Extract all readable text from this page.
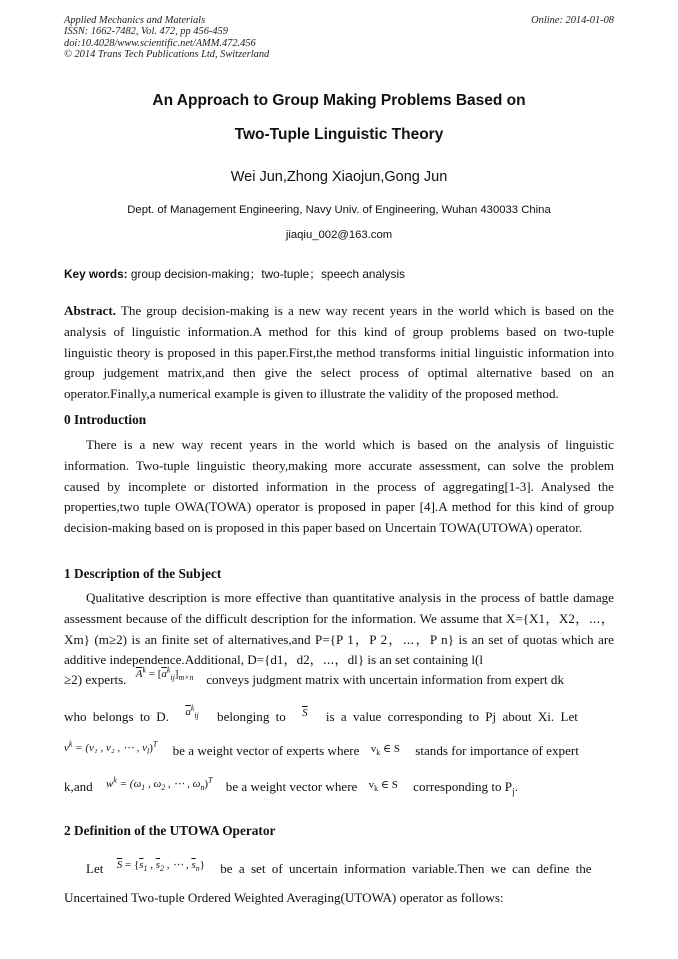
Applied Mechanics and Materials
ISSN: 1662-7482, Vol. 472, pp 456-459
doi:10.4028/www.scientific.net/AMM.472.456
© 2014 Trans Tech Publications Ltd, Switzerland
Online: 2014-01-08
An Approach to Group Making Problems Based on
Two-Tuple Linguistic Theory
Wei Jun,Zhong Xiaojun,Gong Jun
Dept. of Management Engineering, Navy Univ. of Engineering, Wuhan 430033 China
jiaqiu_002@163.com
Key words: group decision-making；two-tuple；speech analysis

Abstract. The group decision-making is a new way recent years in the world which is based on the analysis of linguistic information.A method for this kind of group problems based on two-tuple linguistic theory is proposed in this paper.First,the method transforms initial linguistic information into group judgement matrix,and then give the select process of optimal alternative based on an operator.Finally,a numerical example is given to illustrate the validity of the proposed method.

0 Introduction

There is a new way recent years in the world which is based on the analysis of linguistic information. Two-tuple linguistic theory,making more accurate assessment, can solve the problem caused by incomplete or distorted information in the process of aggregating[1-3]. Analysed the properties,two tuple OWA(TOWA) operator is proposed in paper [4].A method for this kind of group decision-making based on is proposed in this paper based on Uncertain TOWA(UTOWA) operator.

1 Description of the Subject

Qualitative description is more effective than quantitative analysis in the process of battle damage assessment because of the difficult description for the information. We assume that X={X1，X2，⋯，Xm} (m≥2) is an finite set of alternatives,and P={P 1，P 2，⋯，P n} is an set of quotas which are additive independence.Additional, D={d1，d2，⋯，dl} is an set containing l(l

≥2) experts. $^{\overline{A}^k = [\overline{a}^k_{ij}]_{m\times n}}$ conveys judgment matrix with uncertain information from expert dk
who belongs to D. $^{\overline{a}^k_{ij}}$ belonging to $^{\overline{S}}$ is a value corresponding to Pj about Xi. Let
$^{v^k = (v_1 , v_2 , \cdots , v_l)^T}$ be a weight vector of experts where $^{v_k \in S}$ stands for importance of expert
k,and $^{w^k = (\omega_1 , \omega_2 , \cdots , \omega_n)^T}$ be a weight vector where $^{v_k \in S}$ corresponding to $P_j$.
2 Definition of the UTOWA Operator
Let $^{\overline{S} = \{\overline{s}_1 , \overline{s}_2 , \cdots , \overline{s}_n\}}$ be a set of uncertain information variable.Then we can define the
Uncertained Two-tuple Ordered Weighted Averaging(UTOWA) operator as follows:
